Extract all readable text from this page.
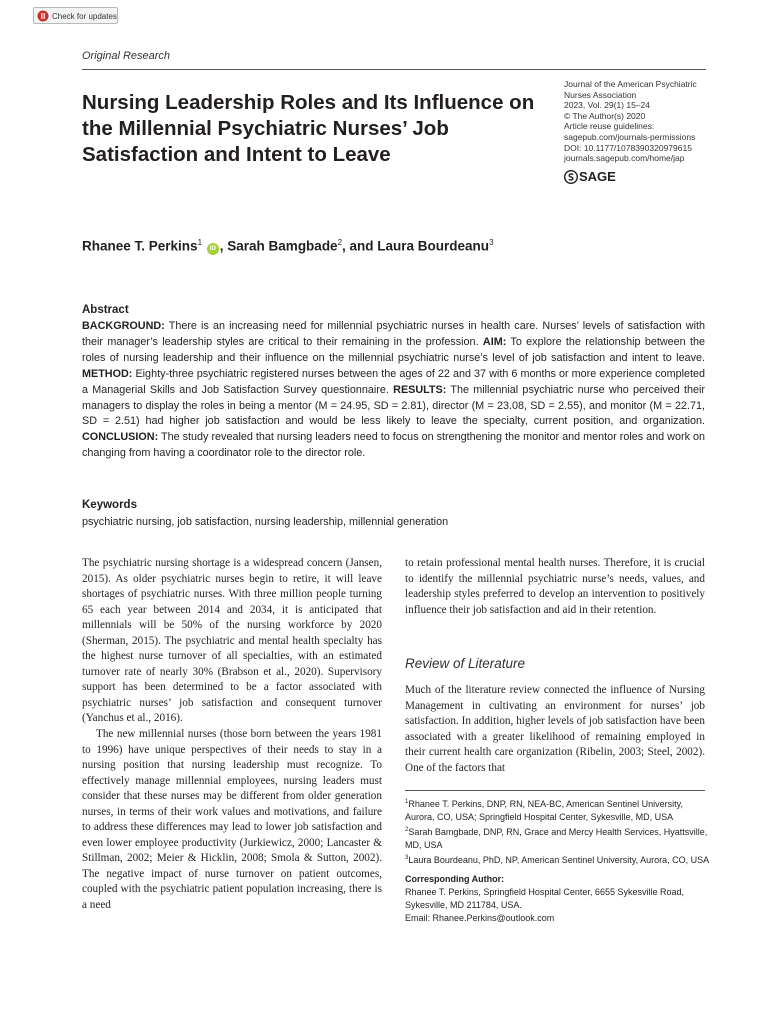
Check for updates
Original Research
Nursing Leadership Roles and Its Influence on the Millennial Psychiatric Nurses’ Job Satisfaction and Intent to Leave
Journal of the American Psychiatric
Nurses Association
2023, Vol. 29(1) 15–24
© The Author(s) 2020
Article reuse guidelines:
sagepub.com/journals-permissions
DOI: 10.1177/1078390320979615
journals.sagepub.com/home/jap
SAGE
Rhanee T. Perkins$^1$ iD , Sarah Bamgbade$^2$, and Laura Bourdeanu$^3$
Abstract

BACKGROUND: There is an increasing need for millennial psychiatric nurses in health care. Nurses’ levels of satisfaction with their manager’s leadership styles are critical to their remaining in the profession. AIM: To explore the relationship between the roles of nursing leadership and their influence on the millennial psychiatric nurse’s level of job satisfaction and intent to leave. METHOD: Eighty-three psychiatric registered nurses between the ages of 22 and 37 with 6 months or more experience completed a Managerial Skills and Job Satisfaction Survey questionnaire. RESULTS: The millennial psychiatric nurse who perceived their managers to display the roles in being a mentor (M = 24.95, SD = 2.81), director (M = 23.08, SD = 2.55), and monitor (M = 22.71, SD = 2.51) had higher job satisfaction and would be less likely to leave the specialty, current position, and organization. CONCLUSION: The study revealed that nursing leaders need to focus on strengthening the monitor and mentor roles and work on changing from having a coordinator role to the director role.

Keywords
psychiatric nursing, job satisfaction, nursing leadership, millennial generation

The psychiatric nursing shortage is a widespread concern (Jansen, 2015). As older psychiatric nurses begin to retire, it will leave shortages of psychiatric nurses. With three million people turning 65 each year between 2014 and 2034, it is anticipated that millennials will be 50% of the nursing workforce by 2020 (Sherman, 2015). The psychiatric and mental health specialty has the highest nurse turnover of all specialties, with an estimated turnover rate of nearly 30% (Brabson et al., 2020). Supervisory support has been determined to be a factor associated with psychiatric nurses’ job satisfaction and consequent turnover (Yanchus et al., 2016).

The new millennial nurses (those born between the years 1981 to 1996) have unique perspectives of their needs to stay in a nursing position that nursing leadership must recognize. To effectively manage millennial employees, nursing leaders must consider that these nurses may be different from older generation nurses, in terms of their work values and motivations, and failure to address these differences may lead to lower job satisfaction and even lower employee productivity (Jurkiewicz, 2000; Lancaster & Stillman, 2002; Meier & Hicklin, 2008; Smola & Sutton, 2002). The negative impact of nurse turnover on patient outcomes, coupled with the psychiatric patient population increasing, there is a need

to retain professional mental health nurses. Therefore, it is crucial to identify the millennial psychiatric nurse’s needs, values, and leadership styles preferred to develop an intervention to positively influence their job satisfaction and aid in their retention.

Review of Literature

Much of the literature review connected the influence of Nursing Management in cultivating an environment for nurses’ job satisfaction. In addition, higher levels of job satisfaction have been associated with a greater likelihood of remaining employed in their current health care organization (Ribelin, 2003; Steel, 2002). One of the factors that

$^1$Rhanee T. Perkins, DNP, RN, NEA-BC, American Sentinel University, Aurora, CO, USA; Springfield Hospital Center, Sykesville, MD, USA

$^2$Sarah Bamgbade, DNP, RN, Grace and Mercy Health Services, Hyattsville, MD, USA

$^3$Laura Bourdeanu, PhD, NP, American Sentinel University, Aurora, CO, USA

Corresponding Author:

Rhanee T. Perkins, Springfield Hospital Center, 6655 Sykesville Road, Sykesville, MD 211784, USA.

Email: Rhanee.Perkins@outlook.com
